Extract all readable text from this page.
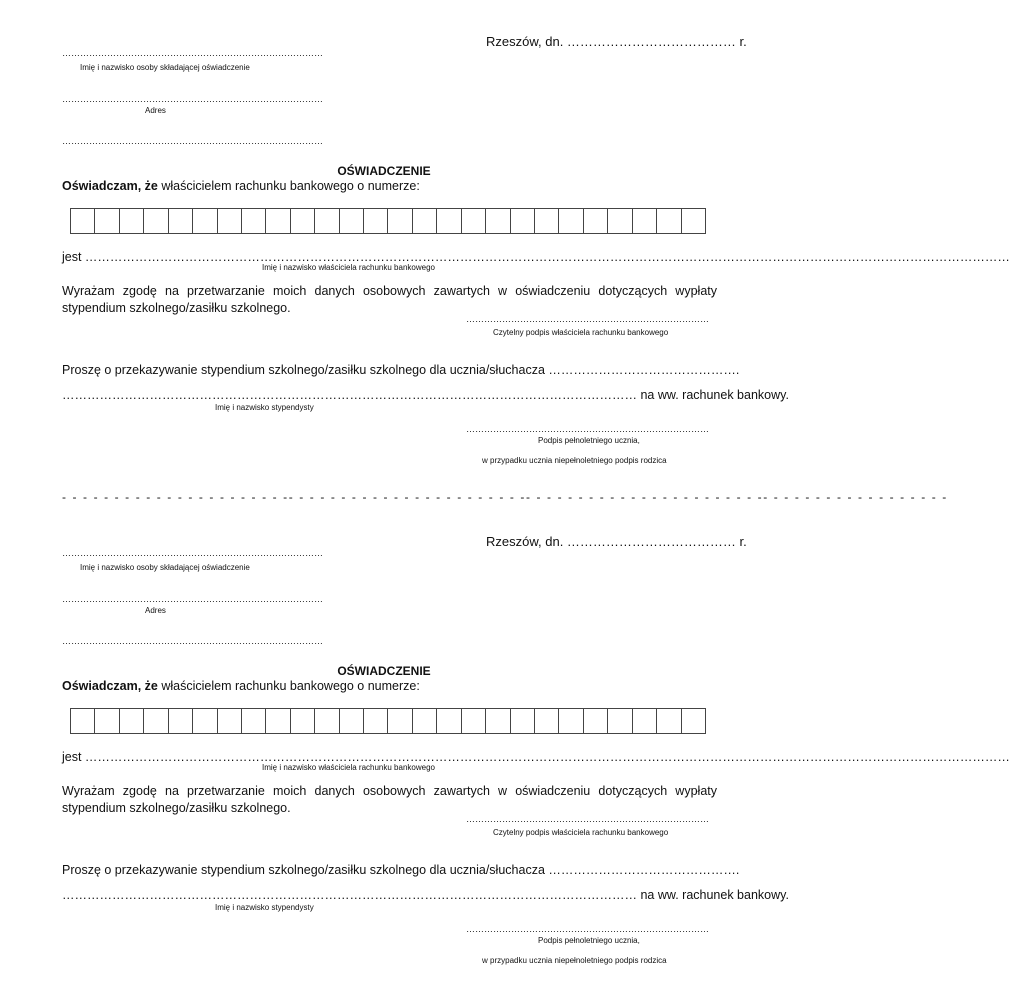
Rzeszów, dn. ………………………………… r.
……………………………………………………………………………
Imię i nazwisko osoby składającej oświadczenie
……………………………………………………………………………
Adres
……………………………………………………………………………
OŚWIADCZENIE
Oświadczam, że właścicielem rachunku bankowego o numerze:
jest ……………………………………………………………………………………………………………………………………………………………………………………………………
Imię i nazwisko właściciela rachunku bankowego
Wyrażam zgodę na przetwarzanie moich danych osobowych zawartych w oświadczeniu dotyczących wypłaty stypendium szkolnego/zasiłku szkolnego.
………………………………………………………………………
Czytelny podpis właściciela rachunku bankowego
Proszę o przekazywanie stypendium szkolnego/zasiłku szkolnego dla ucznia/słuchacza ……………………………………….
………………………………………………………………………………………………………………………… na ww. rachunek bankowy.
Imię i nazwisko stypendysty
………………………………………………………………………
Podpis pełnoletniego ucznia,
w przypadku ucznia niepełnoletniego podpis rodzica
- - - - - - - - - - - - - - - - - - - - - -- - - - - - - - - - - - - - - - - - - - - - -- - - - - - - - - - - - - - - - - - - - - - -- - - - - - - - - - - - - - - - - -
Rzeszów, dn. ………………………………… r.
……………………………………………………………………………
Imię i nazwisko osoby składającej oświadczenie
……………………………………………………………………………
Adres
……………………………………………………………………………
OŚWIADCZENIE
Oświadczam, że właścicielem rachunku bankowego o numerze:
jest ……………………………………………………………………………………………………………………………………………………………………………………………………
Imię i nazwisko właściciela rachunku bankowego
Wyrażam zgodę na przetwarzanie moich danych osobowych zawartych w oświadczeniu dotyczących wypłaty stypendium szkolnego/zasiłku szkolnego.
………………………………………………………………………
Czytelny podpis właściciela rachunku bankowego
Proszę o przekazywanie stypendium szkolnego/zasiłku szkolnego dla ucznia/słuchacza ……………………………………….
………………………………………………………………………………………………………………………… na ww. rachunek bankowy.
Imię i nazwisko stypendysty
………………………………………………………………………
Podpis pełnoletniego ucznia,
w przypadku ucznia niepełnoletniego podpis rodzica
